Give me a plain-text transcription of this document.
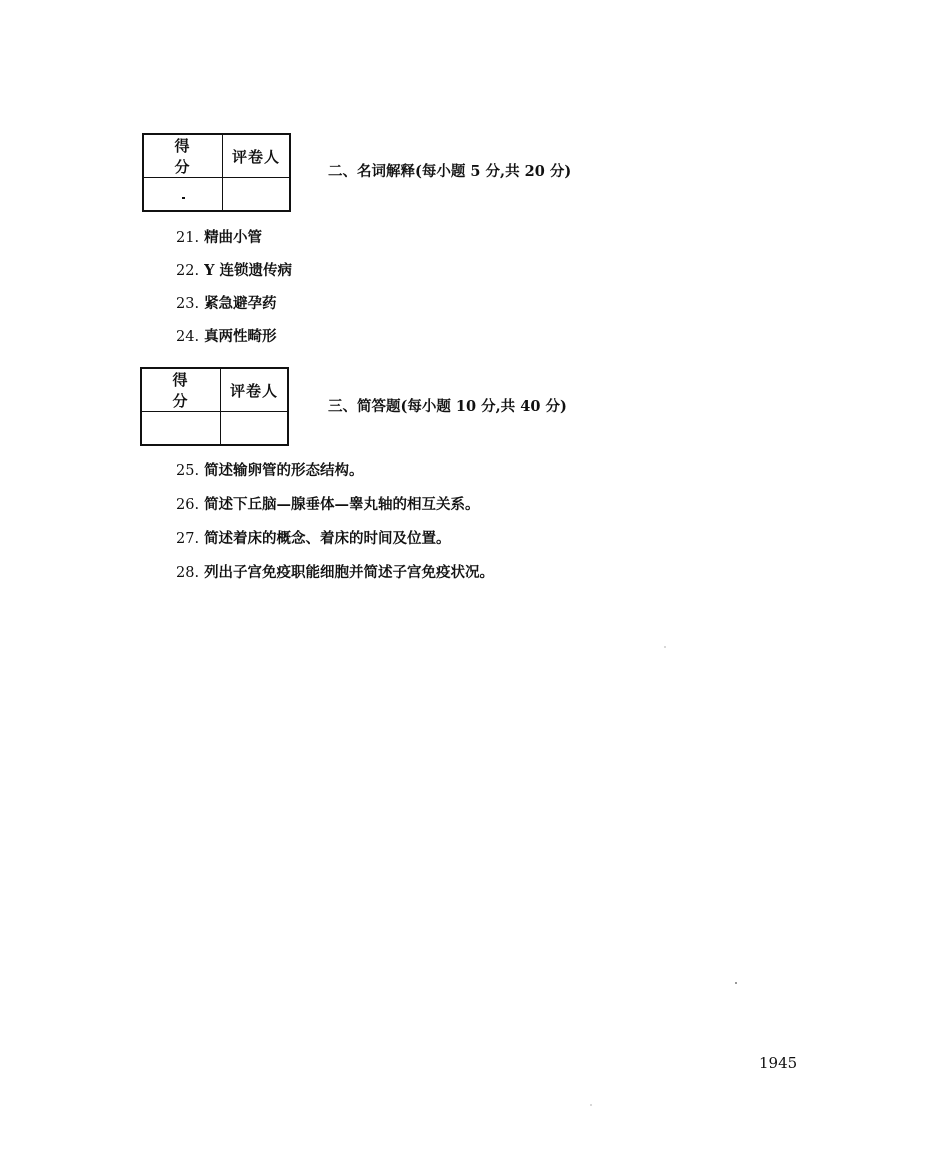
得 分	评卷人

二、名词解释(每小题 5 分,共 20 分)
21. 精曲小管
22. Y 连锁遗传病
23. 紧急避孕药
24. 真两性畸形
得 分	评卷人

三、简答题(每小题 10 分,共 40 分)
25. 简述输卵管的形态结构。
26. 简述下丘脑—腺垂体—睾丸轴的相互关系。
27. 简述着床的概念、着床的时间及位置。
28. 列出子宫免疫职能细胞并简述子宫免疫状况。
1945
